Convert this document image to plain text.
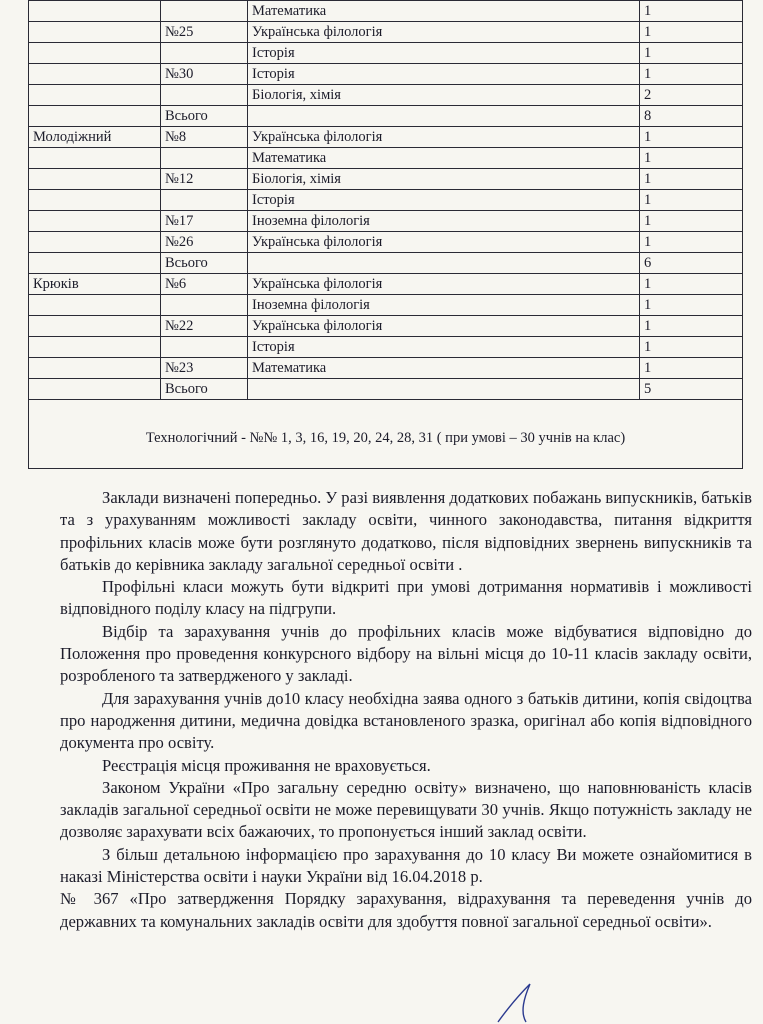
		Математика	1
	№25	Українська філологія	1
		Історія	1
	№30	Історія	1
		Біологія, хімія	2
	Всього		8
Молодіжний	№8	Українська філологія	1
		Математика	1
	№12	Біологія, хімія	1
		Історія	1
	№17	Іноземна філологія	1
	№26	Українська філологія	1
	Всього		6
Крюків	№6	Українська філологія	1
		Іноземна філологія	1
	№22	Українська філологія	1
		Історія	1
	№23	Математика	1
	Всього		5
Технологічний - №№ 1, 3, 16, 19, 20, 24, 28, 31 ( при умові – 30 учнів на клас)			

Заклади визначені попередньо. У разі виявлення додаткових побажань випускників, батьків та з урахуванням можливості закладу освіти, чинного законодавства, питання відкриття профільних класів може бути розглянуто додатково, після відповідних звернень випускників та батьків до керівника закладу загальної середньої освіти .

Профільні класи можуть бути відкриті при умові дотримання нормативів і можливості відповідного поділу класу на підгрупи.

Відбір та зарахування учнів до профільних класів може відбуватися відповідно до Положення про проведення конкурсного відбору на вільні місця до 10-11 класів закладу освіти, розробленого та затвердженого у закладі.

Для зарахування учнів до10 класу необхідна заява одного з батьків дитини, копія свідоцтва про народження дитини, медична довідка встановленого зразка, оригінал або копія відповідного документа про освіту.

Реєстрація місця проживання не враховується.

Законом України «Про загальну середню освіту» визначено, що наповнюваність класів закладів загальної середньої освіти не може перевищувати 30 учнів. Якщо потужність закладу не дозволяє зарахувати всіх бажаючих, то пропонується інший заклад освіти.

З більш детальною інформацією про зарахування до 10 класу Ви можете ознайомитися в наказі Міністерства освіти і науки України від 16.04.2018 р.

№ 367 «Про затвердження Порядку зарахування, відрахування та переведення учнів до державних та комунальних закладів освіти для здобуття повної загальної середньої освіти».
